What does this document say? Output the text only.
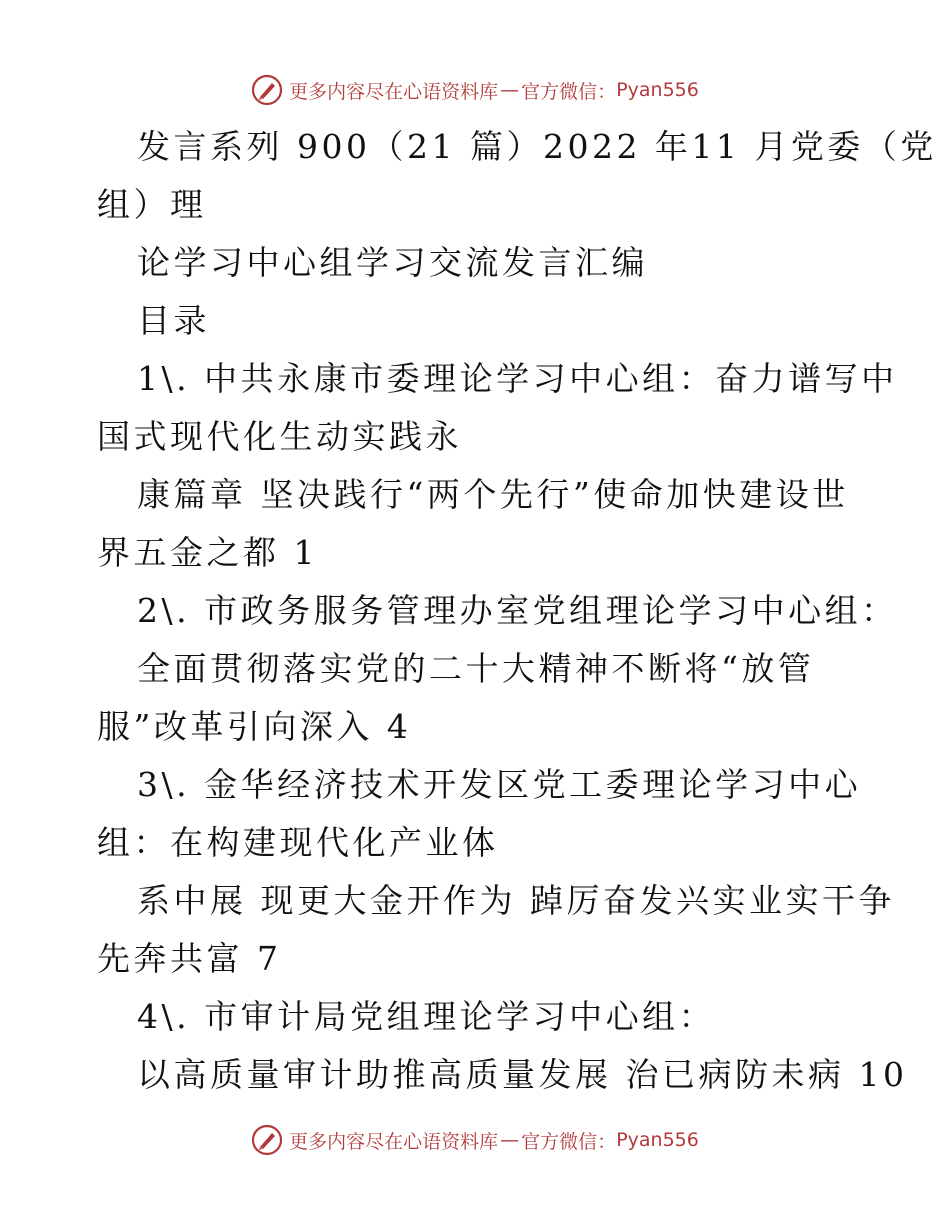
更多内容尽在心语资料库 — 官方微信： Pyan556
发言系列 900（21 篇）2022 年11 月党委（党
组）理
论学习中心组学习交流发言汇编
目录
1\. 中共永康市委理论学习中心组：奋力谱写中
国式现代化生动实践永
康篇章 坚决践行“两个先行”使命加快建设世
界五金之都 1
2\. 市政务服务管理办室党组理论学习中心组：
全面贯彻落实党的二十大精神不断将“放管
服”改革引向深入 4
3\. 金华经济技术开发区党工委理论学习中心
组：在构建现代化产业体
系中展 现更大金开作为 踔厉奋发兴实业实干争
先奔共富 7
4\. 市审计局党组理论学习中心组：
以高质量审计助推高质量发展 治已病防未病 10
更多内容尽在心语资料库 — 官方微信： Pyan556
